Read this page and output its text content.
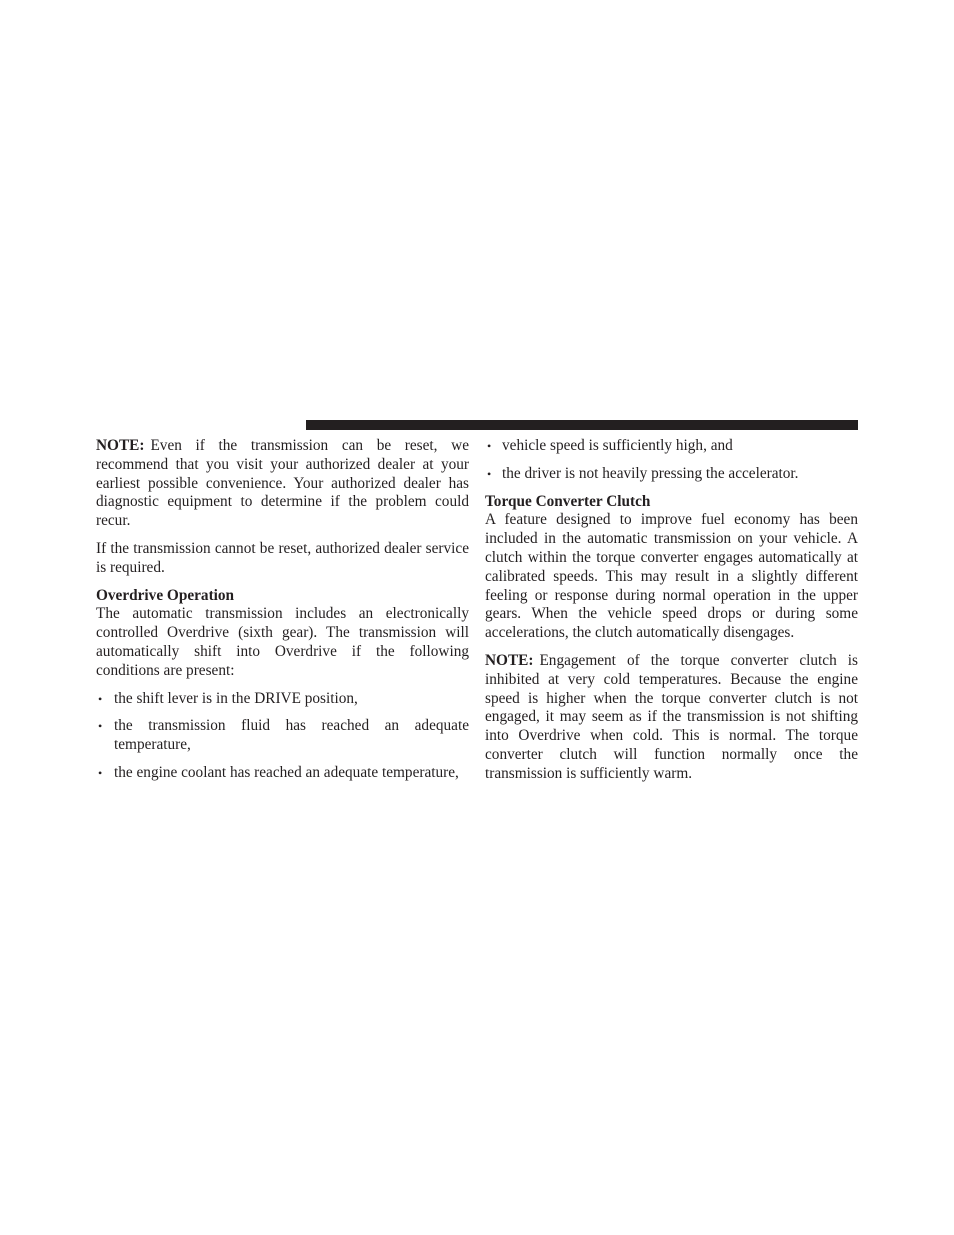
NOTE: Even if the transmission can be reset, we recommend that you visit your authorized dealer at your earliest possible convenience. Your authorized dealer has diagnostic equipment to determine if the problem could recur.

If the transmission cannot be reset, authorized dealer service is required.

Overdrive Operation

The automatic transmission includes an electronically controlled Overdrive (sixth gear). The transmission will automatically shift into Overdrive if the following conditions are present:

• the shift lever is in the DRIVE position,
• the transmission fluid has reached an adequate temperature,
• the engine coolant has reached an adequate temperature,
• vehicle speed is sufficiently high, and
• the driver is not heavily pressing the accelerator.
Torque Converter Clutch

A feature designed to improve fuel economy has been included in the automatic transmission on your vehicle. A clutch within the torque converter engages automatically at calibrated speeds. This may result in a slightly different feeling or response during normal operation in the upper gears. When the vehicle speed drops or during some accelerations, the clutch automatically disengages.

NOTE: Engagement of the torque converter clutch is inhibited at very cold temperatures. Because the engine speed is higher when the torque converter clutch is not engaged, it may seem as if the transmission is not shifting into Overdrive when cold. This is normal. The torque converter clutch will function normally once the transmission is sufficiently warm.
